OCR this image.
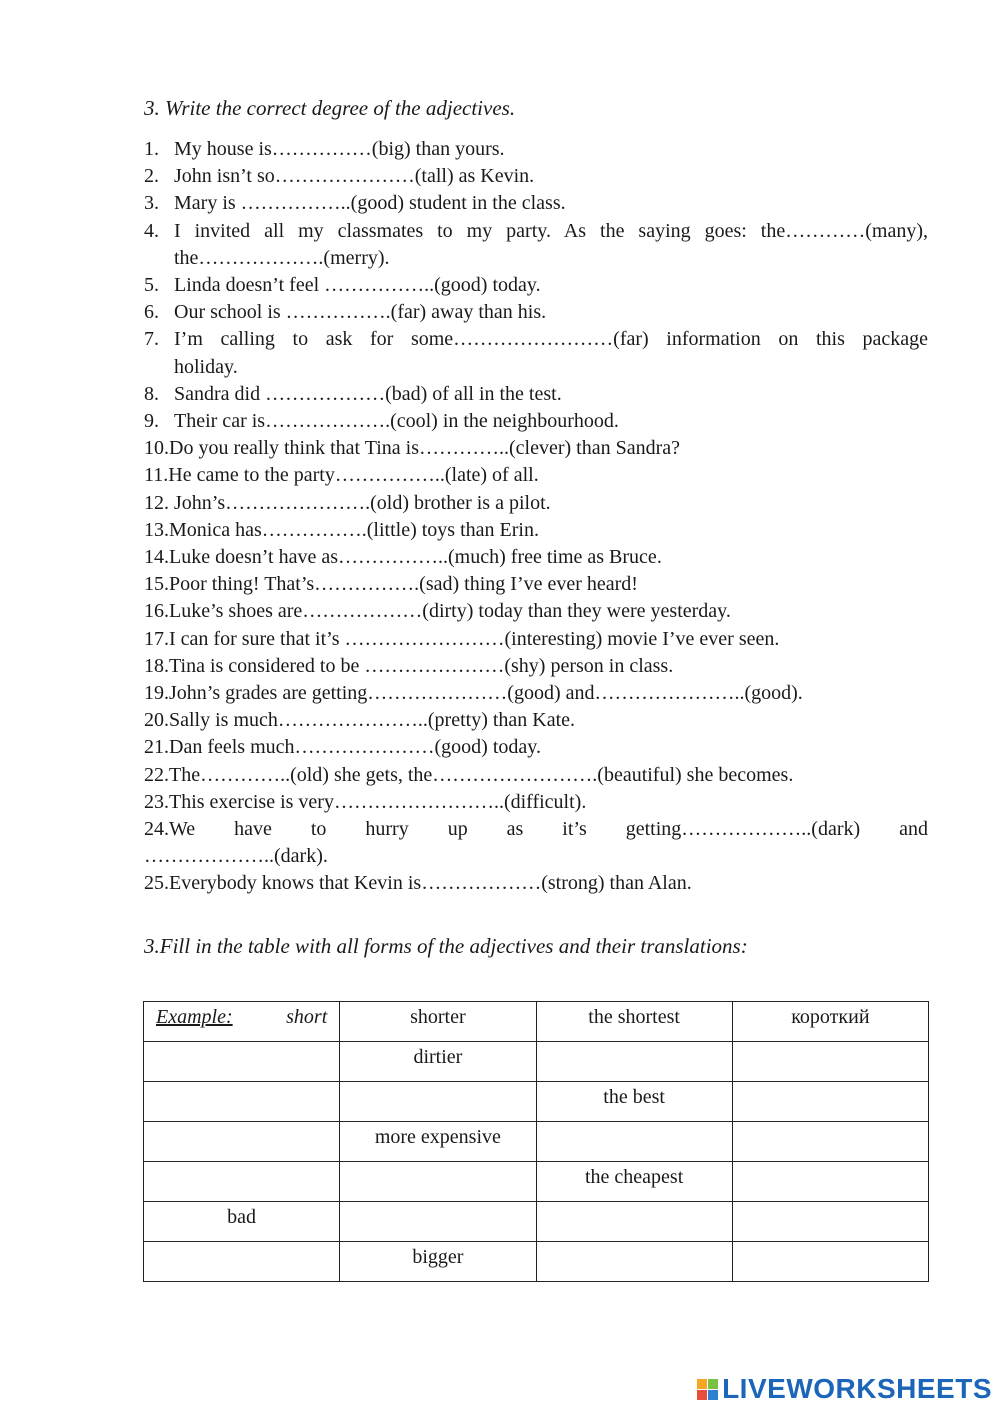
3. Write the correct degree of the adjectives.
1. My house is……………(big) than yours.
2. John isn’t so…………………(tall) as Kevin.
3. Mary is ……………..(good) student in the class.
4. I invited all my classmates to my party. As the saying goes: the…………(many),
the……………….(merry).
5. Linda doesn’t feel ……………..(good) today.
6. Our school is …………….(far) away than his.
7. I’m calling to ask for some……………………(far) information on this package
holiday.
8. Sandra did ………………(bad) of all in the test.
9. Their car is……………….(cool) in the neighbourhood.
10. Do you really think that Tina is…………..(clever) than Sandra?
11. He came to the party……………..(late) of all.
12. John’s………………….(old) brother is a pilot.
13. Monica has…………….(little) toys than Erin.
14. Luke doesn’t have as……………..(much) free time as Bruce.
15. Poor thing! That’s…………….(sad) thing I’ve ever heard!
16. Luke’s shoes are………………(dirty) today than they were yesterday.
17. I can for sure that it’s ……………………(interesting) movie I’ve ever seen.
18. Tina is considered to be …………………(shy) person in class.
19. John’s grades are getting…………………(good) and…………………..(good).
20. Sally is much…………………..(pretty) than Kate.
21. Dan feels much…………………(good) today.
22. The…………..(old) she gets, the…………………….(beautiful) she becomes.
23. This exercise is very……………………..(difficult).
24. We have to hurry up as it’s getting………………..(dark) and
………………..(dark).
25. Everybody knows that Kevin is………………(strong) than Alan.
3.Fill in the table with all forms of the adjectives and their translations:
Example: short	shorter	the shortest	короткий
	dirtier		
		the best	
	more expensive		
		the cheapest	
bad			
	bigger		
LIVEWORKSHEETS
